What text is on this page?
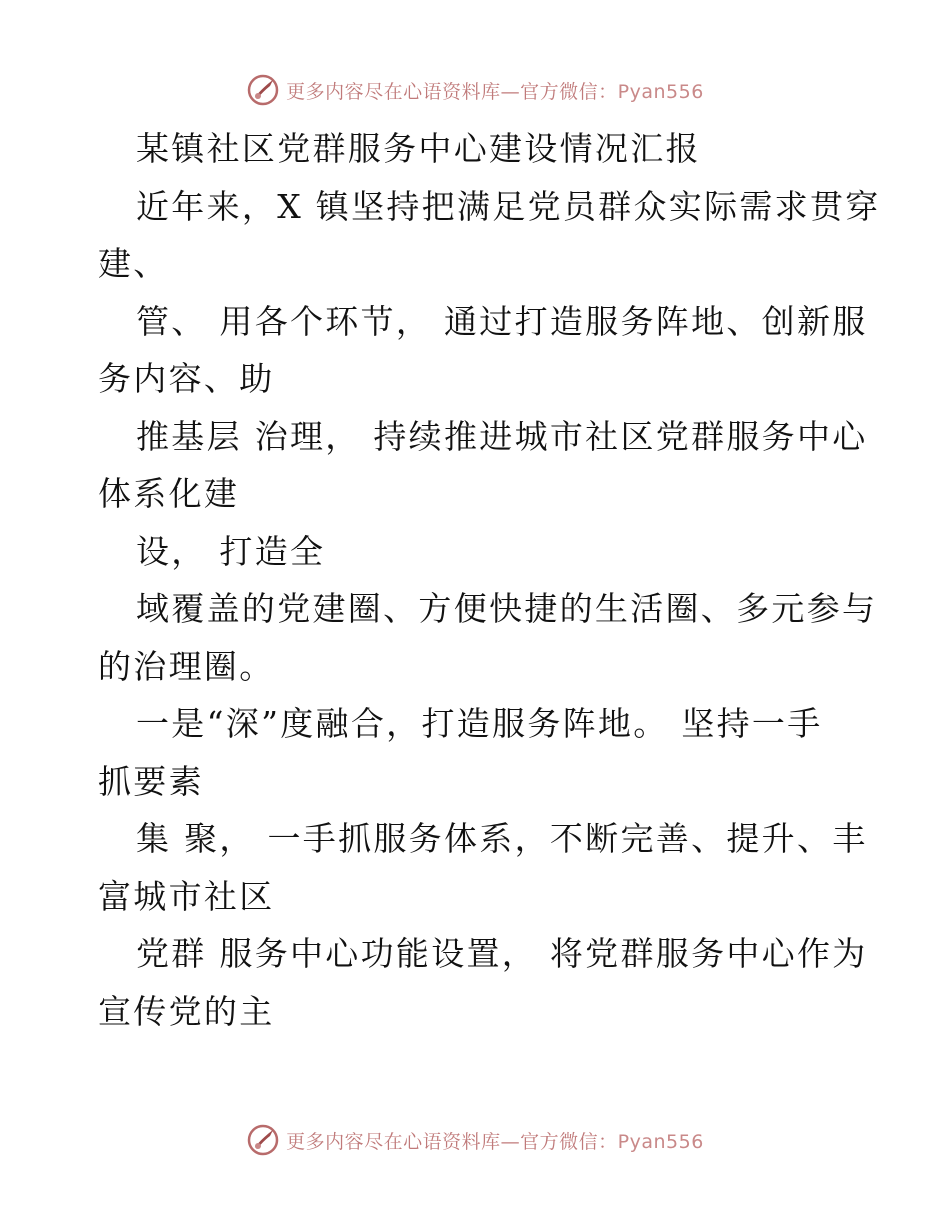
更多内容尽在心语资料库—官方微信：Pyan556
某镇社区党群服务中心建设情况汇报
近年来，X 镇坚持把满足党员群众实际需求贯穿
建、
管、 用各个环节， 通过打造服务阵地、创新服
务内容、助
推基层 治理， 持续推进城市社区党群服务中心
体系化建
设， 打造全
域覆盖的党建圈、方便快捷的生活圈、多元参与
的治理圈。
一是“深”度融合，打造服务阵地。 坚持一手
抓要素
集 聚， 一手抓服务体系，不断完善、提升、丰
富城市社区
党群 服务中心功能设置， 将党群服务中心作为
宣传党的主
更多内容尽在心语资料库—官方微信：Pyan556
